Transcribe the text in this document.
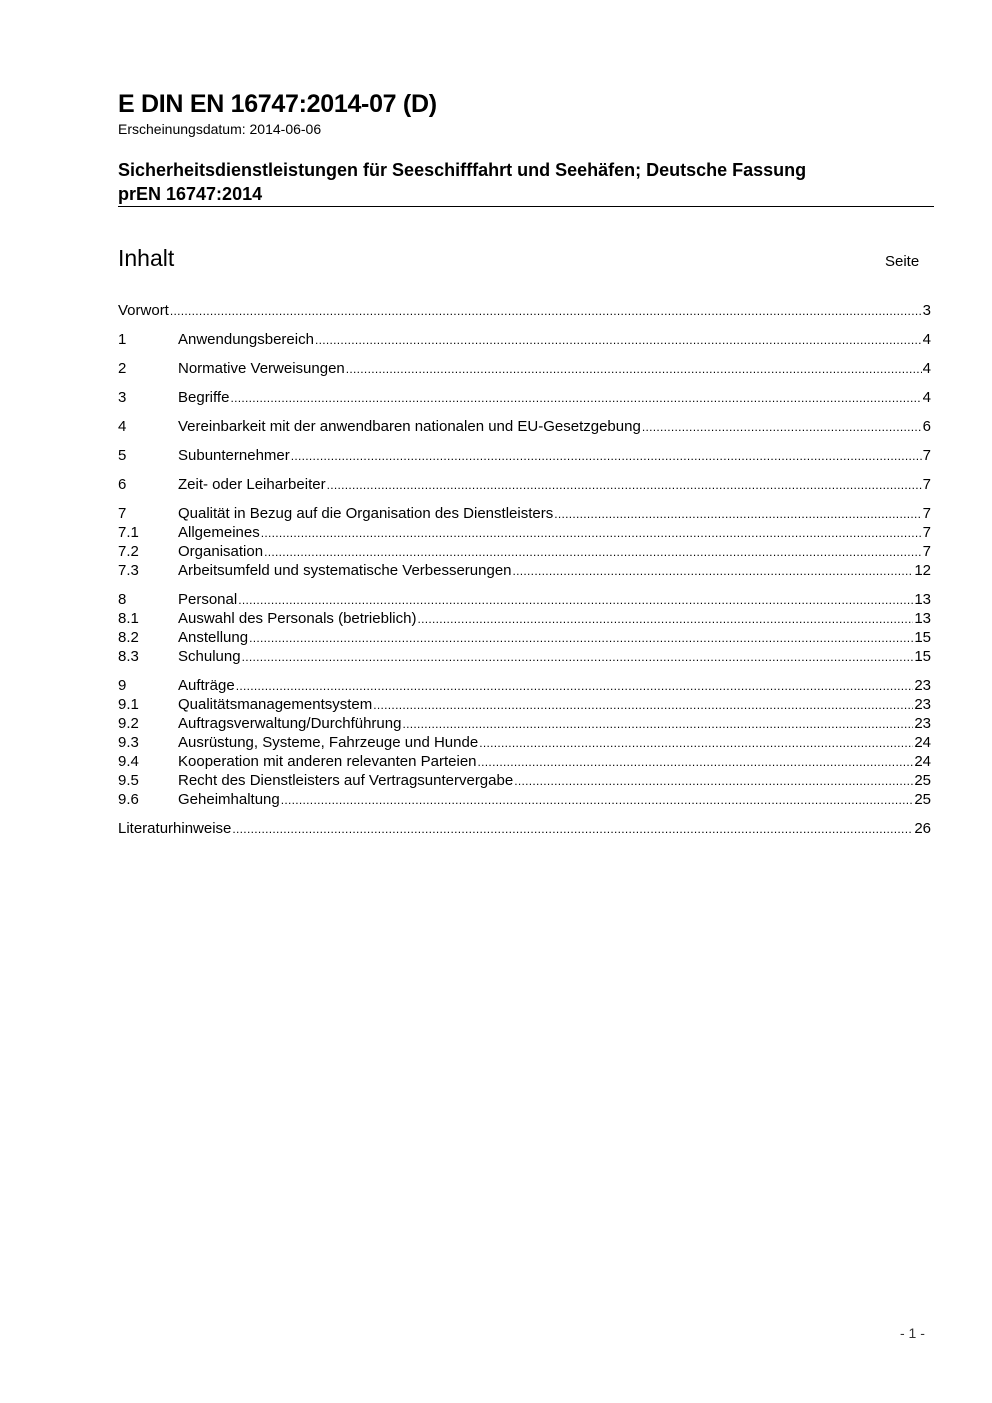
E DIN EN 16747:2014-07 (D)
Erscheinungsdatum: 2014-06-06
Sicherheitsdienstleistungen für Seeschifffahrt und Seehäfen; Deutsche Fassung
prEN 16747:2014
Inhalt	Seite
Vorwort .....	3
1	Anwendungsbereich .....	4
2	Normative Verweisungen .....	4
3	Begriffe .....	4
4	Vereinbarkeit mit der anwendbaren nationalen und EU-Gesetzgebung .....	6
5	Subunternehmer .....	7
6	Zeit- oder Leiharbeiter .....	7
7	Qualität in Bezug auf die Organisation des Dienstleisters .....	7
7.1	Allgemeines .....	7
7.2	Organisation .....	7
7.3	Arbeitsumfeld und systematische Verbesserungen .....	12
8	Personal .....	13
8.1	Auswahl des Personals (betrieblich) .....	13
8.2	Anstellung .....	15
8.3	Schulung .....	15
9	Aufträge .....	23
9.1	Qualitätsmanagementsystem .....	23
9.2	Auftragsverwaltung/Durchführung .....	23
9.3	Ausrüstung, Systeme, Fahrzeuge und Hunde .....	24
9.4	Kooperation mit anderen relevanten Parteien .....	24
9.5	Recht des Dienstleisters auf Vertragsuntervergabe .....	25
9.6	Geheimhaltung .....	25
Literaturhinweise .....	26
- 1 -
